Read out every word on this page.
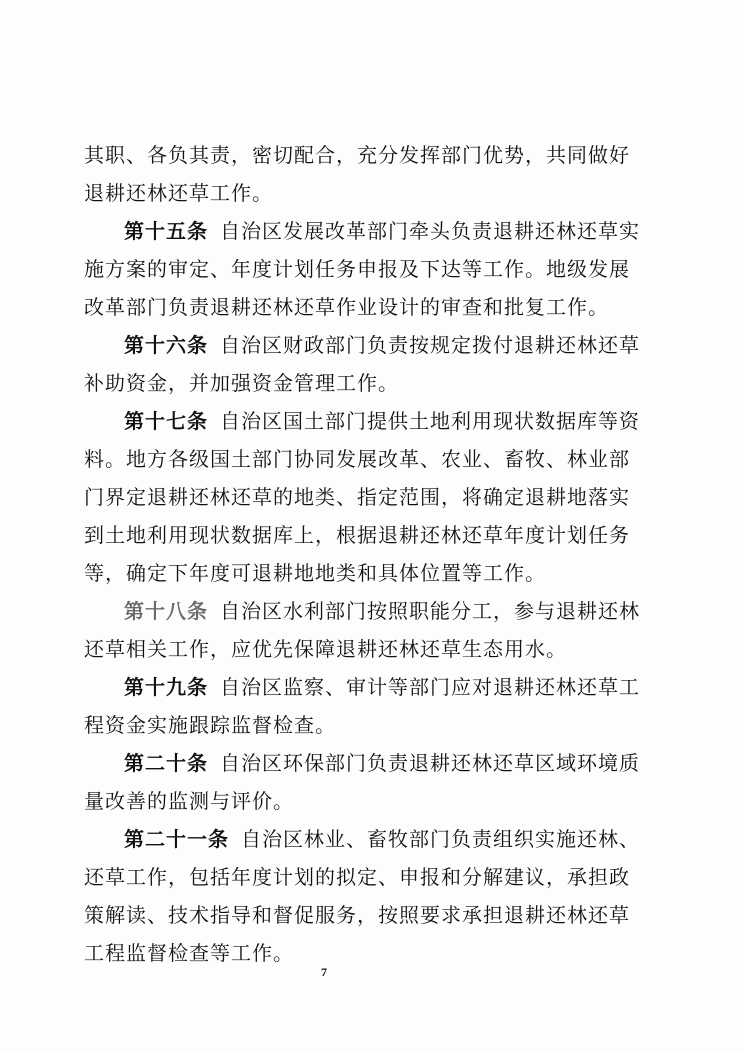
其职、各负其责，密切配合，充分发挥部门优势，共同做好退耕还林还草工作。

第十五条 自治区发展改革部门牵头负责退耕还林还草实施方案的审定、年度计划任务申报及下达等工作。地级发展改革部门负责退耕还林还草作业设计的审查和批复工作。

第十六条 自治区财政部门负责按规定拨付退耕还林还草补助资金，并加强资金管理工作。

第十七条 自治区国土部门提供土地利用现状数据库等资料。地方各级国土部门协同发展改革、农业、畜牧、林业部门界定退耕还林还草的地类、指定范围，将确定退耕地落实到土地利用现状数据库上，根据退耕还林还草年度计划任务等，确定下年度可退耕地地类和具体位置等工作。

第十八条 自治区水利部门按照职能分工，参与退耕还林还草相关工作，应优先保障退耕还林还草生态用水。

第十九条 自治区监察、审计等部门应对退耕还林还草工程资金实施跟踪监督检查。

第二十条 自治区环保部门负责退耕还林还草区域环境质量改善的监测与评价。

第二十一条 自治区林业、畜牧部门负责组织实施还林、还草工作，包括年度计划的拟定、申报和分解建议，承担政策解读、技术指导和督促服务，按照要求承担退耕还林还草工程监督检查等工作。

7
